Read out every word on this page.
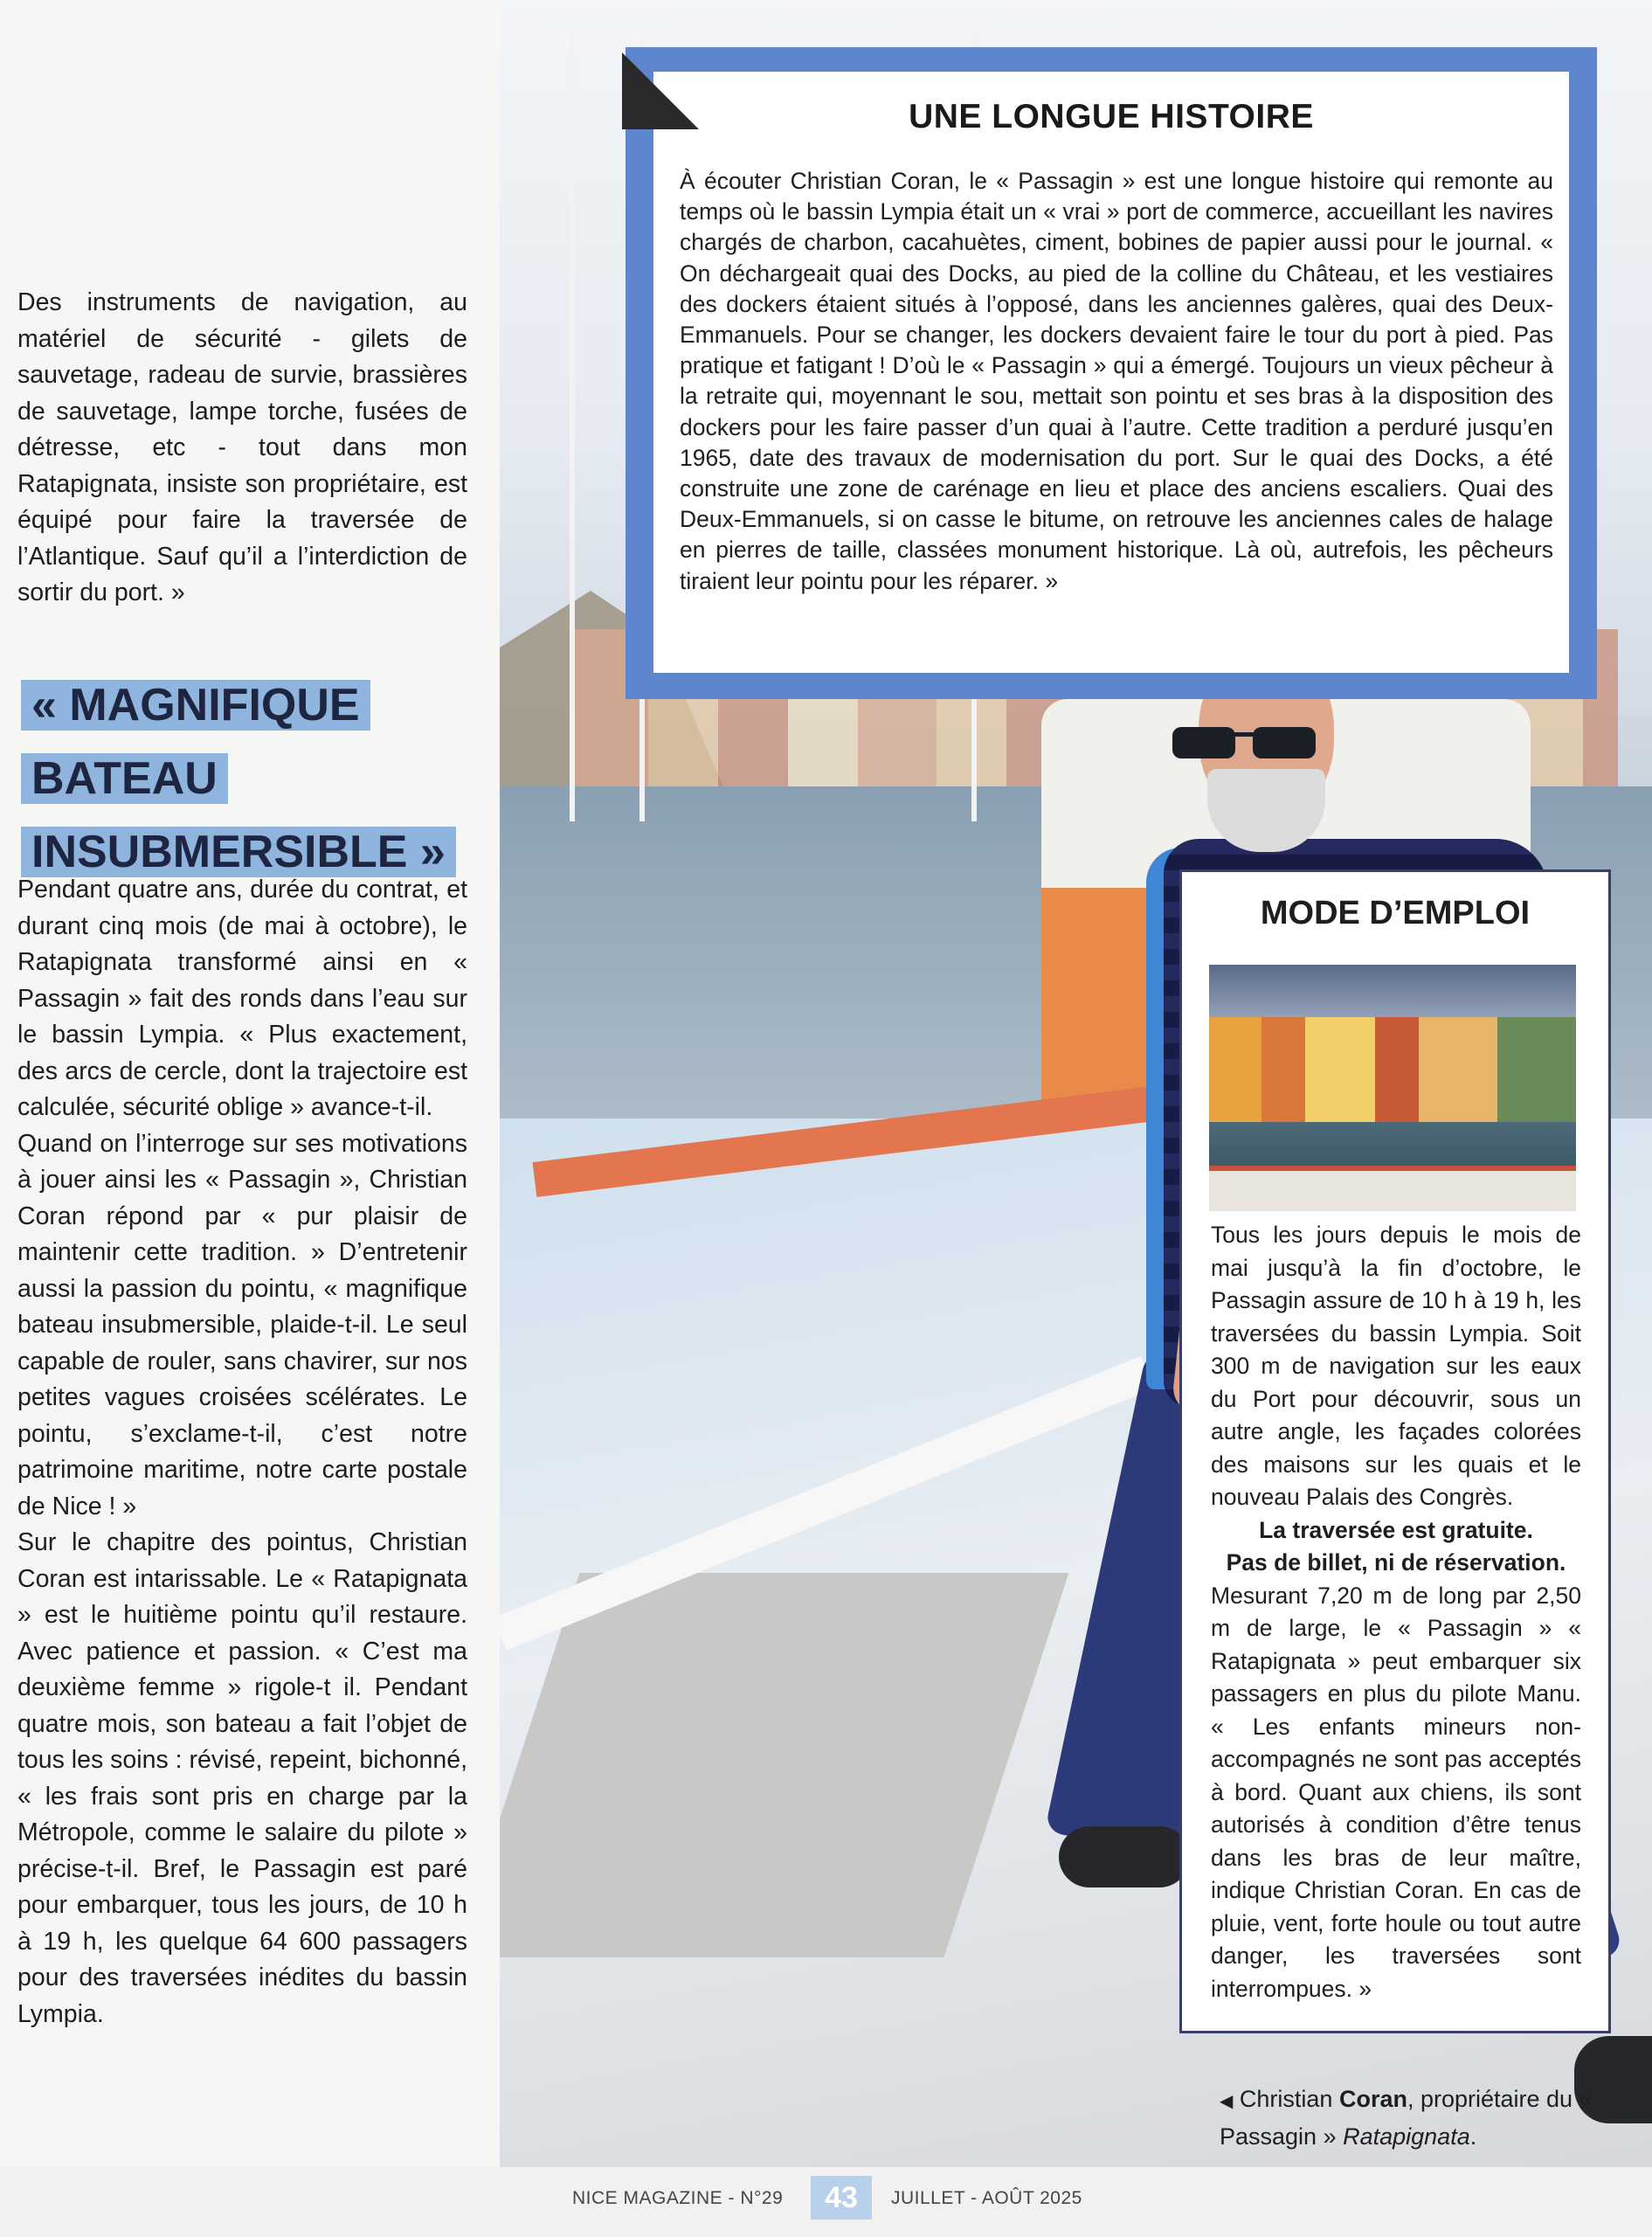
Des instruments de navigation, au matériel de sécurité - gilets de sauvetage, radeau de survie, brassières de sauvetage, lampe torche, fusées de détresse, etc - tout dans mon Ratapignata, insiste son propriétaire, est équipé pour faire la traversée de l’Atlantique. Sauf qu’il a l’interdiction de sortir du port. »

« MAGNIFIQUE
BATEAU
INSUBMERSIBLE »

Pendant quatre ans, durée du contrat, et durant cinq mois (de mai à octobre), le Ratapignata transformé ainsi en « Passagin » fait des ronds dans l’eau sur le bassin Lympia. « Plus exactement, des arcs de cercle, dont la trajectoire est calculée, sécurité oblige » avance-t-il.

Quand on l’interroge sur ses motivations à jouer ainsi les « Passagin », Christian Coran répond par « pur plaisir de maintenir cette tradition. » D’entretenir aussi la passion du pointu, « magnifique bateau insubmersible, plaide-t-il. Le seul capable de rouler, sans chavirer, sur nos petites vagues croisées scélérates. Le pointu, s’exclame-t-il, c’est notre patrimoine maritime, notre carte postale de Nice ! »

Sur le chapitre des pointus, Christian Coran est intarissable. Le « Ratapignata » est le huitième pointu qu’il restaure. Avec patience et passion. « C’est ma deuxième femme » rigole-t il. Pendant quatre mois, son bateau a fait l’objet de tous les soins : révisé, repeint, bichonné, « les frais sont pris en charge par la Métropole, comme le salaire du pilote » précise-t-il. Bref, le Passagin est paré pour embarquer, tous les jours, de 10 h à 19 h, les quelque 64 600 passagers pour des traversées inédites du bassin Lympia.

UNE LONGUE HISTOIRE

À écouter Christian Coran, le « Passagin » est une longue histoire qui remonte au temps où le bassin Lympia était un « vrai » port de commerce, accueillant les navires chargés de charbon, cacahuètes, ciment, bobines de papier aussi pour le journal. « On déchargeait quai des Docks, au pied de la colline du Château, et les vestiaires des dockers étaient situés à l’opposé, dans les anciennes galères, quai des Deux-Emmanuels. Pour se changer, les dockers devaient faire le tour du port à pied. Pas pratique et fatigant ! D’où le « Passagin » qui a émergé. Toujours un vieux pêcheur à la retraite qui, moyennant le sou, mettait son pointu et ses bras à la disposition des dockers pour les faire passer d’un quai à l’autre. Cette tradition a perduré jusqu’en 1965, date des travaux de modernisation du port. Sur le quai des Docks, a été construite une zone de carénage en lieu et place des anciens escaliers. Quai des Deux-Emmanuels, si on casse le bitume, on retrouve les anciennes cales de halage en pierres de taille, classées monument historique. Là où, autrefois, les pêcheurs tiraient leur pointu pour les réparer. »

MODE D’EMPLOI

Tous les jours depuis le mois de mai jusqu’à la fin d’octobre, le Passagin assure de 10 h à 19 h, les traversées du bassin Lympia. Soit 300 m de navigation sur les eaux du Port pour découvrir, sous un autre angle, les façades colorées des maisons sur les quais et le nouveau Palais des Congrès.

La traversée est gratuite.

Pas de billet, ni de réservation.

Mesurant 7,20 m de long par 2,50 m de large, le « Passagin » « Ratapignata » peut embarquer six passagers en plus du pilote Manu. « Les enfants mineurs non-accompagnés ne sont pas acceptés à bord. Quant aux chiens, ils sont autorisés à condition d’être tenus dans les bras de leur maître, indique Christian Coran. En cas de pluie, vent, forte houle ou tout autre danger, les traversées sont interrompues. »

◀ Christian Coran, propriétaire du « Passagin » Ratapignata.
NICE MAGAZINE - N°29	43	JUILLET - AOÛT 2025
